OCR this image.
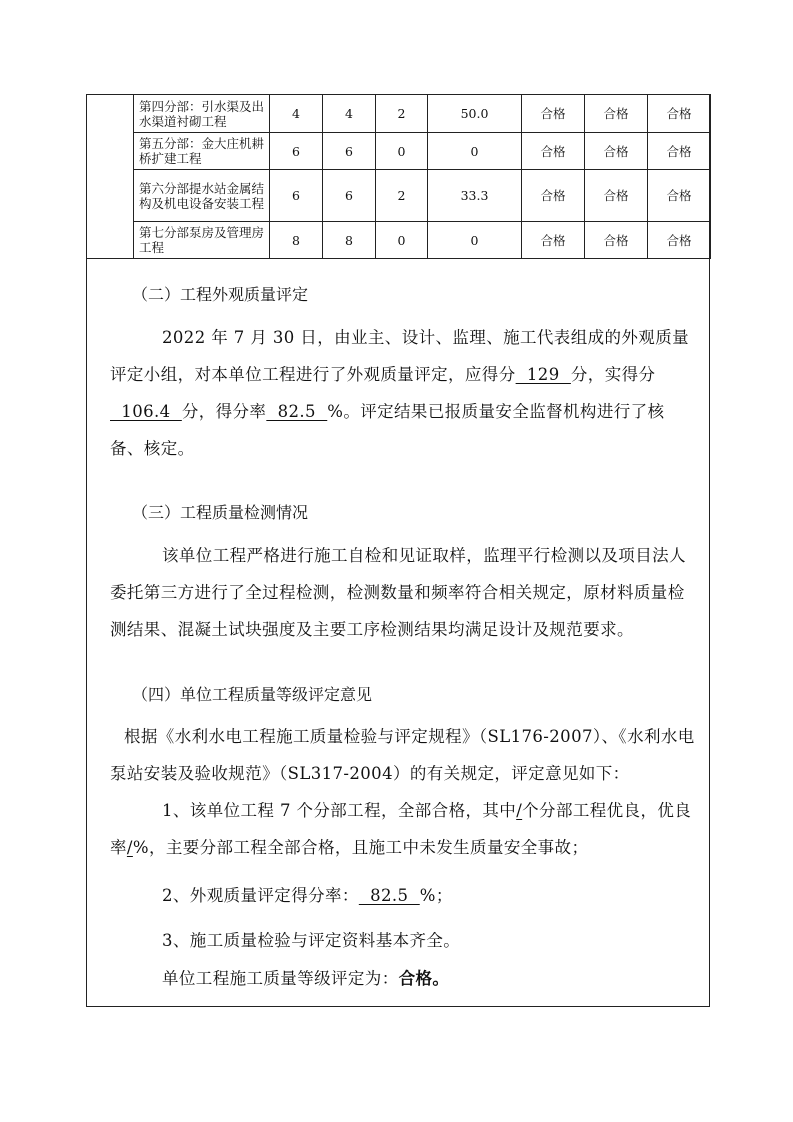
	第四分部：引水渠及出水渠道衬砌工程	4	4	2	50.0	合格	合格	合格
	第五分部：金大庄机耕桥扩建工程	6	6	0	0	合格	合格	合格
	第六分部提水站金属结构及机电设备安装工程	6	6	2	33.3	合格	合格	合格
	第七分部泵房及管理房工程	8	8	0	0	合格	合格	合格
（二）工程外观质量评定
2022 年 7 月 30 日，由业主、设计、监理、施工代表组成的外观质量评定小组，对本单位工程进行了外观质量评定，应得分  129  分，实得分  106.4  分，得分率  82.5  %。评定结果已报质量安全监督机构进行了核备、核定。
（三）工程质量检测情况
该单位工程严格进行施工自检和见证取样，监理平行检测以及项目法人委托第三方进行了全过程检测，检测数量和频率符合相关规定，原材料质量检测结果、混凝土试块强度及主要工序检测结果均满足设计及规范要求。
（四）单位工程质量等级评定意见
根据《水利水电工程施工质量检验与评定规程》（SL176-2007）、《水利水电泵站安装及验收规范》（SL317-2004）的有关规定，评定意见如下：
1、该单位工程 7 个分部工程，全部合格，其中/个分部工程优良，优良率/%，主要分部工程全部合格，且施工中未发生质量安全事故；
2、外观质量评定得分率：  82.5  %；
3、施工质量检验与评定资料基本齐全。
单位工程施工质量等级评定为：合格。
